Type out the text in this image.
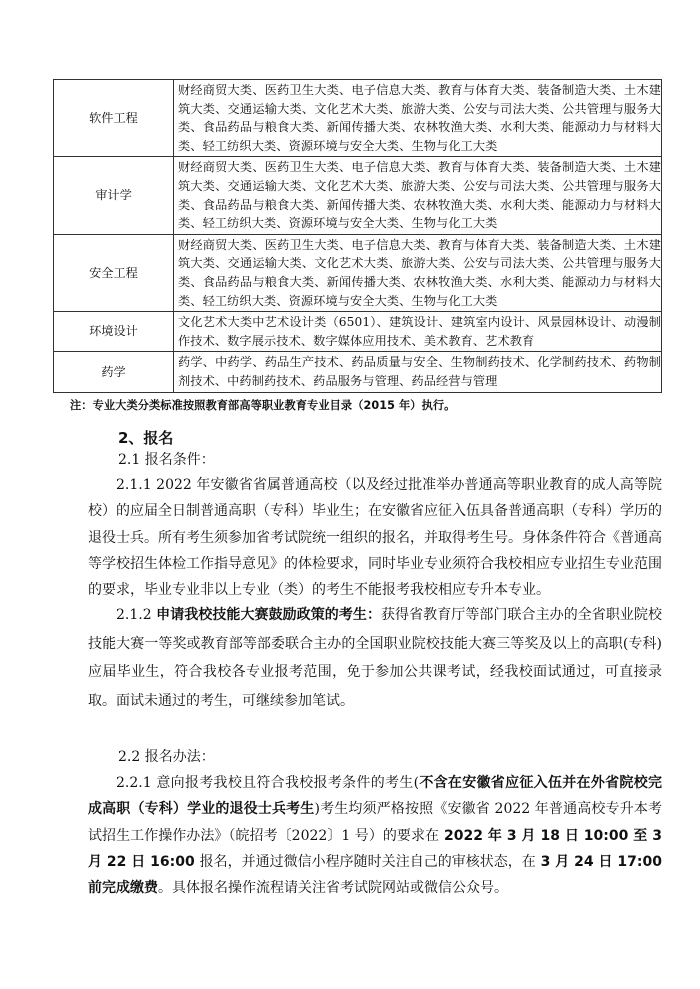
软件工程	财经商贸大类、医药卫生大类、电子信息大类、教育与体育大类、装备制造大类、土木建筑大类、交通运输大类、文化艺术大类、旅游大类、公安与司法大类、公共管理与服务大类、食品药品与粮食大类、新闻传播大类、农林牧渔大类、水利大类、能源动力与材料大类、轻工纺织大类、资源环境与安全大类、生物与化工大类
审计学	财经商贸大类、医药卫生大类、电子信息大类、教育与体育大类、装备制造大类、土木建筑大类、交通运输大类、文化艺术大类、旅游大类、公安与司法大类、公共管理与服务大类、食品药品与粮食大类、新闻传播大类、农林牧渔大类、水利大类、能源动力与材料大类、轻工纺织大类、资源环境与安全大类、生物与化工大类
安全工程	财经商贸大类、医药卫生大类、电子信息大类、教育与体育大类、装备制造大类、土木建筑大类、交通运输大类、文化艺术大类、旅游大类、公安与司法大类、公共管理与服务大类、食品药品与粮食大类、新闻传播大类、农林牧渔大类、水利大类、能源动力与材料大类、轻工纺织大类、资源环境与安全大类、生物与化工大类
环境设计	文化艺术大类中艺术设计类（6501）、建筑设计、建筑室内设计、风景园林设计、动漫制作技术、数字展示技术、数字媒体应用技术、美术教育、艺术教育
药学	药学、中药学、药品生产技术、药品质量与安全、生物制药技术、化学制药技术、药物制剂技术、中药制药技术、药品服务与管理、药品经营与管理
注：专业大类分类标准按照教育部高等职业教育专业目录（2015 年）执行。
2、报名
2.1 报名条件：

2.1.1 2022 年安徽省省属普通高校（以及经过批准举办普通高等职业教育的成人高等院校）的应届全日制普通高职（专科）毕业生；在安徽省应征入伍具备普通高职（专科）学历的退役士兵。所有考生须参加省考试院统一组织的报名，并取得考生号。身体条件符合《普通高等学校招生体检工作指导意见》的体检要求，同时毕业专业须符合我校相应专业招生专业范围的要求，毕业专业非以上专业（类）的考生不能报考我校相应专升本专业。

2.1.2 申请我校技能大赛鼓励政策的考生：获得省教育厅等部门联合主办的全省职业院校技能大赛一等奖或教育部等部委联合主办的全国职业院校技能大赛三等奖及以上的高职(专科)应届毕业生，符合我校各专业报考范围，免于参加公共课考试，经我校面试通过，可直接录取。面试未通过的考生，可继续参加笔试。

2.2 报名办法：

2.2.1 意向报考我校且符合我校报考条件的考生(不含在安徽省应征入伍并在外省院校完成高职（专科）学业的退役士兵考生)考生均须严格按照《安徽省 2022 年普通高校专升本考试招生工作操作办法》（皖招考〔2022〕1 号）的要求在 2022 年 3 月 18 日 10:00 至 3 月 22 日 16:00 报名，并通过微信小程序随时关注自己的审核状态，在 3 月 24 日 17:00 前完成缴费。具体报名操作流程请关注省考试院网站或微信公众号。
